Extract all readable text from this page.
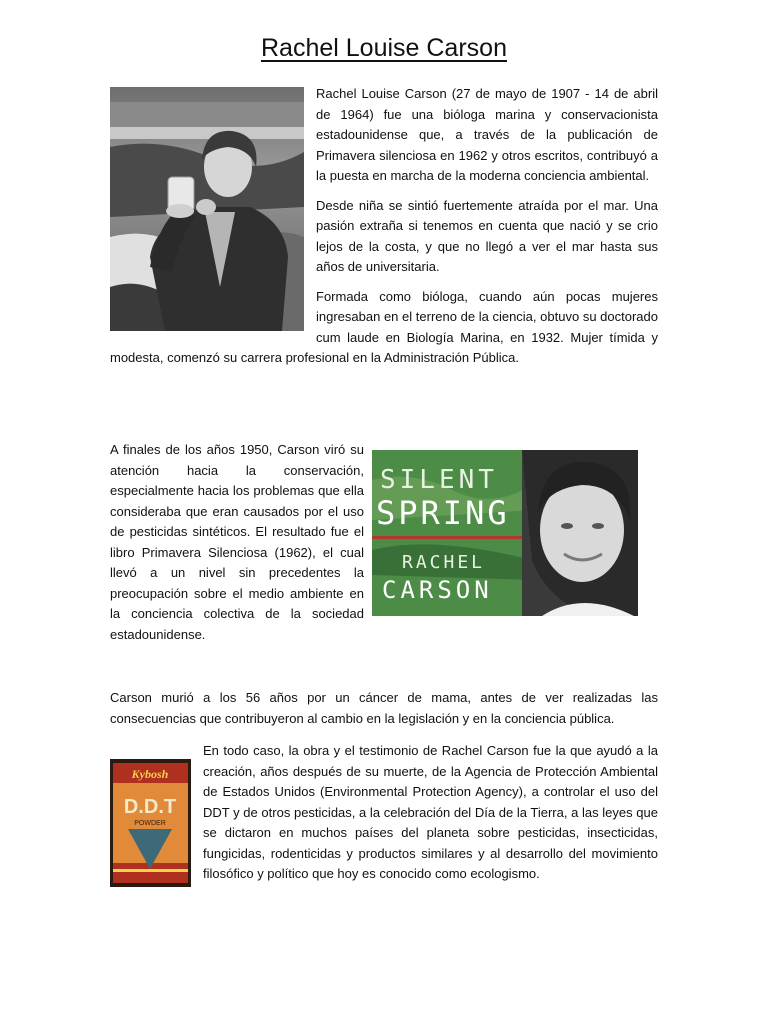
Rachel Louise Carson

Rachel Louise Carson (27 de mayo de 1907 - 14 de abril de 1964) fue una bióloga marina y conservacionista estadounidense que, a través de la publicación de Primavera silenciosa en 1962 y otros escritos, contribuyó a la puesta en marcha de la moderna conciencia ambiental.

Desde niña se sintió fuertemente atraída por el mar. Una pasión extraña si tenemos en cuenta que nació y se crio lejos de la costa, y que no llegó a ver el mar hasta sus años de universitaria.

Formada como bióloga, cuando aún pocas mujeres ingresaban en el terreno de la ciencia, obtuvo su doctorado cum laude en Biología Marina, en 1932. Mujer tímida y modesta, comenzó su carrera profesional en la Administración Pública.

A finales de los años 1950, Carson viró su atención hacia la conservación, especialmente hacia los problemas que ella consideraba que eran causados por el uso de pesticidas sintéticos. El resultado fue el libro Primavera Silenciosa (1962), el cual llevó a un nivel sin precedentes la preocupación sobre el medio ambiente en la conciencia colectiva de la sociedad estadounidense.

SILENT
SPRING
RACHEL
CARSON

Carson murió a los 56 años por un cáncer de mama, antes de ver realizadas las consecuencias que contribuyeron al cambio en la legislación y en la conciencia pública.

Kybosh
D.D.T
POWDER

En todo caso, la obra y el testimonio de Rachel Carson fue la que ayudó a la creación, años después de su muerte, de la Agencia de Protección Ambiental de Estados Unidos (Environmental Protection Agency), a controlar el uso del DDT y de otros pesticidas, a la celebración del Día de la Tierra, a las leyes que se dictaron en muchos países del planeta sobre pesticidas, insecticidas, fungicidas, rodenticidas y productos similares y al desarrollo del movimiento filosófico y político que hoy es conocido como ecologismo.
